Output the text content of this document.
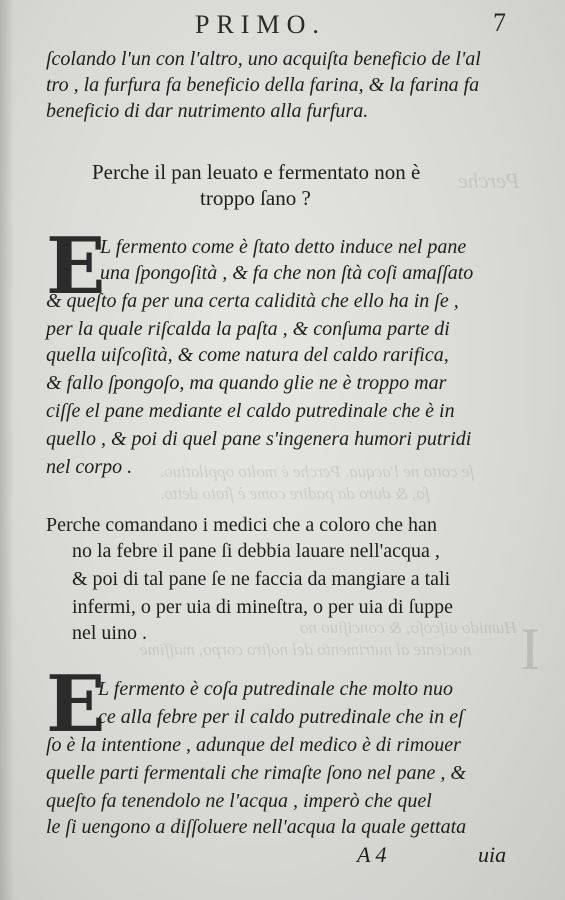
Perche
ſe cotto ne l'acqua. Perche è molto oppilatiuo.
ſo, & duro da padire come è ſtato detto.
Humido uiſcoſo, & conciſiuo no
nociente al nutrimento del noſtro corpo, maſſime I
PRIMO.	7
ſcolando l'un con l'altro, uno acquiſta beneficio de l'al
tro , la furfura fa beneficio della farina, & la farina fa
beneficio di dar nutrimento alla furfura.
Perche il pan leuato e fermentato non è
troppo ſano ?
E
L fermento come è ſtato detto induce nel pane
una ſpongoſità , & fa che non ſtà coſi amaſſato
& queſto fa per una certa calidità che ello ha in ſe ,
per la quale riſcalda la paſta , & conſuma parte di
quella uiſcoſità, & come natura del caldo rarifica,
& fallo ſpongoſo, ma quando glie ne è troppo mar
ciſſe el pane mediante el caldo putredinale che è in
quello , & poi di quel pane s'ingenera humori putridi
nel corpo .
Perche comandano i medici che a coloro che han
no la febre il pane ſi debbia lauare nell'acqua ,
& poi di tal pane ſe ne faccia da mangiare a tali
infermi, o per uia di mineſtra, o per uia di ſuppe
nel uino .
E
L fermento è coſa putredinale che molto nuo
ce alla febre per il caldo putredinale che in eſ
ſo è la intentione , adunque del medico è di rimouer
quelle parti fermentali che rimaſte ſono nel pane , &
queſto fa tenendolo ne l'acqua , imperò che quel
le ſi uengono a diſſoluere nell'acqua la quale gettata
A 4	uia
